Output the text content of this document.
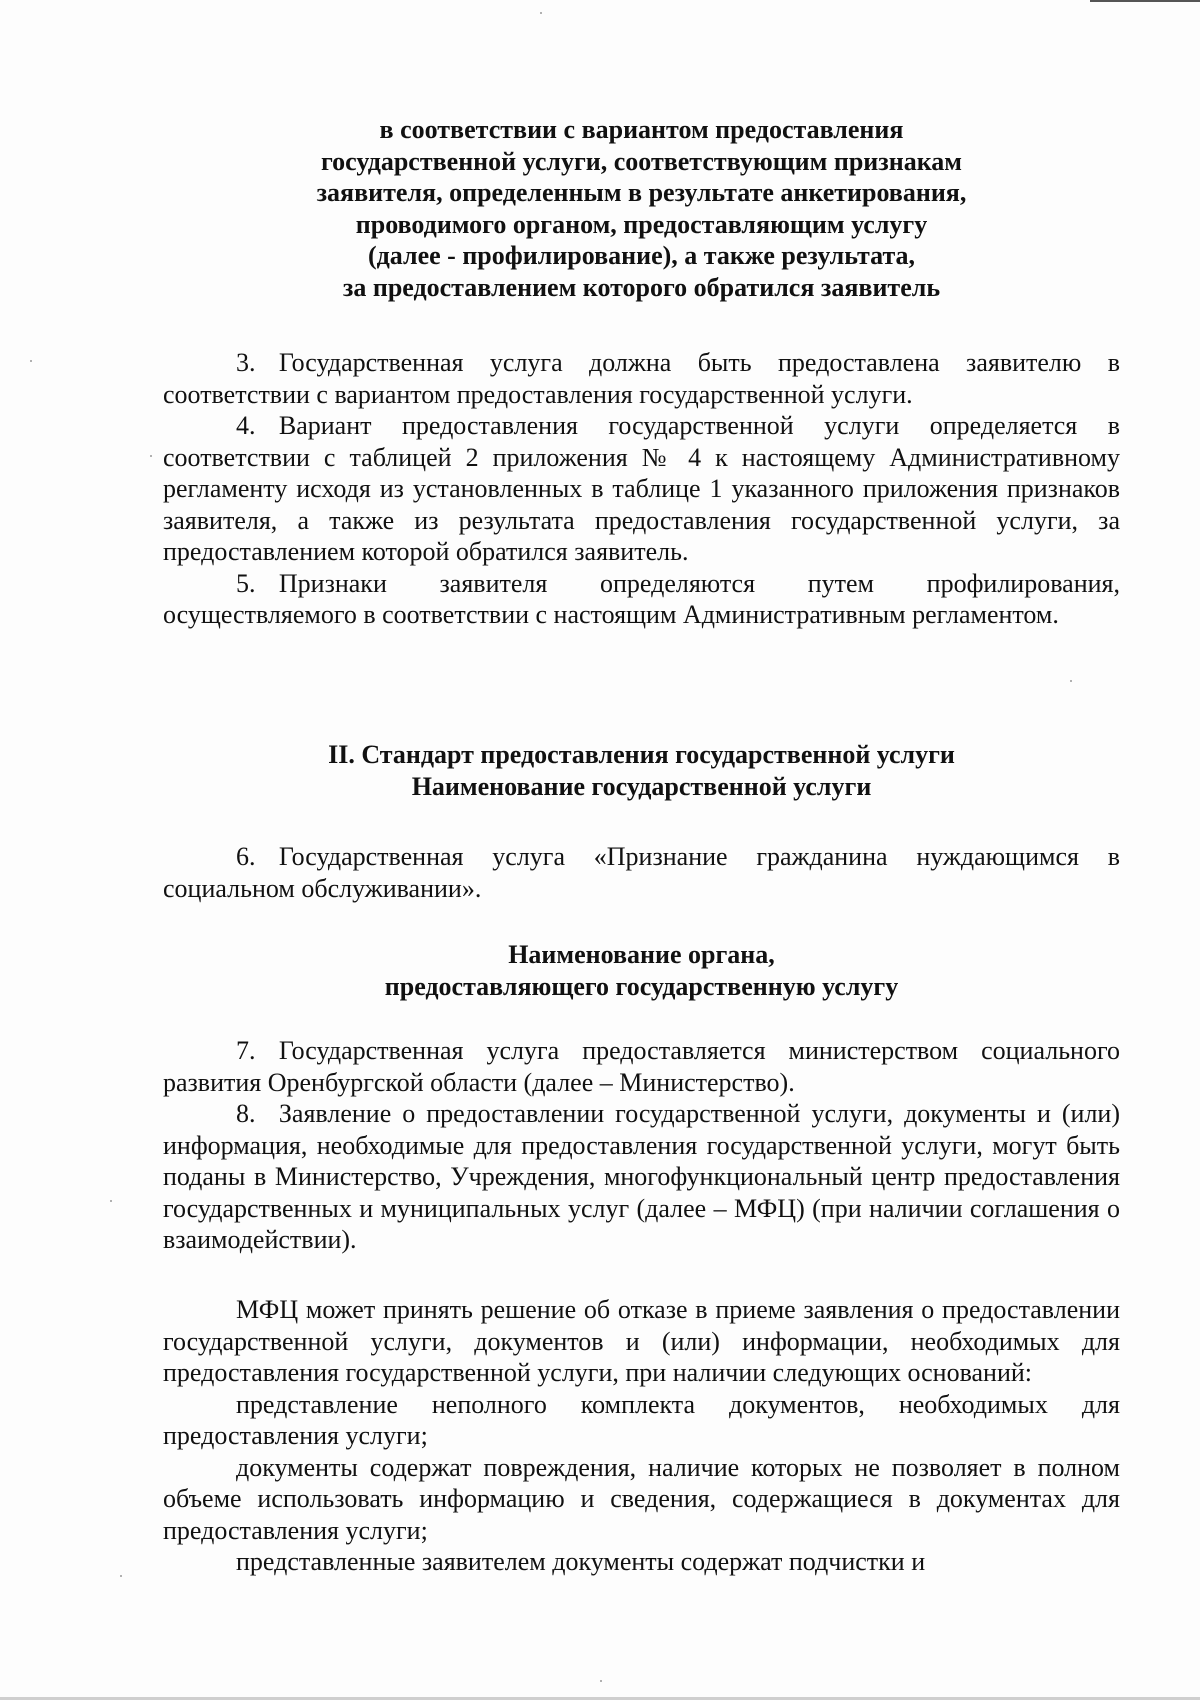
в соответствии с вариантом предоставления
государственной услуги, соответствующим признакам
заявителя, определенным в результате анкетирования,
проводимого органом, предоставляющим услугу
(далее - профилирование), а также результата,
за предоставлением которого обратился заявитель

3. Государственная услуга должна быть предоставлена заявителю в соответствии с вариантом предоставления государственной услуги.

4. Вариант предоставления государственной услуги определяется в соответствии с таблицей 2 приложения № 4 к настоящему Административному регламенту исходя из установленных в таблице 1 указанного приложения признаков заявителя, а также из результата предоставления государственной услуги, за предоставлением которой обратился заявитель.

5. Признаки заявителя определяются путем профилирования, осуществляемого в соответствии с настоящим Административным регламентом.

II. Стандарт предоставления государственной услуги
Наименование государственной услуги

6. Государственная услуга «Признание гражданина нуждающимся в социальном обслуживании».

Наименование органа,
предоставляющего государственную услугу

7. Государственная услуга предоставляется министерством социального развития Оренбургской области (далее – Министерство).

8. Заявление о предоставлении государственной услуги, документы и (или) информация, необходимые для предоставления государственной услуги, могут быть поданы в Министерство, Учреждения, многофункциональный центр предоставления государственных и муниципальных услуг (далее – МФЦ) (при наличии соглашения о взаимодействии).

МФЦ может принять решение об отказе в приеме заявления о предоставлении государственной услуги, документов и (или) информации, необходимых для предоставления государственной услуги, при наличии следующих оснований:

представление неполного комплекта документов, необходимых для предоставления услуги;

документы содержат повреждения, наличие которых не позволяет в полном объеме использовать информацию и сведения, содержащиеся в документах для предоставления услуги;

представленные заявителем документы содержат подчистки и
